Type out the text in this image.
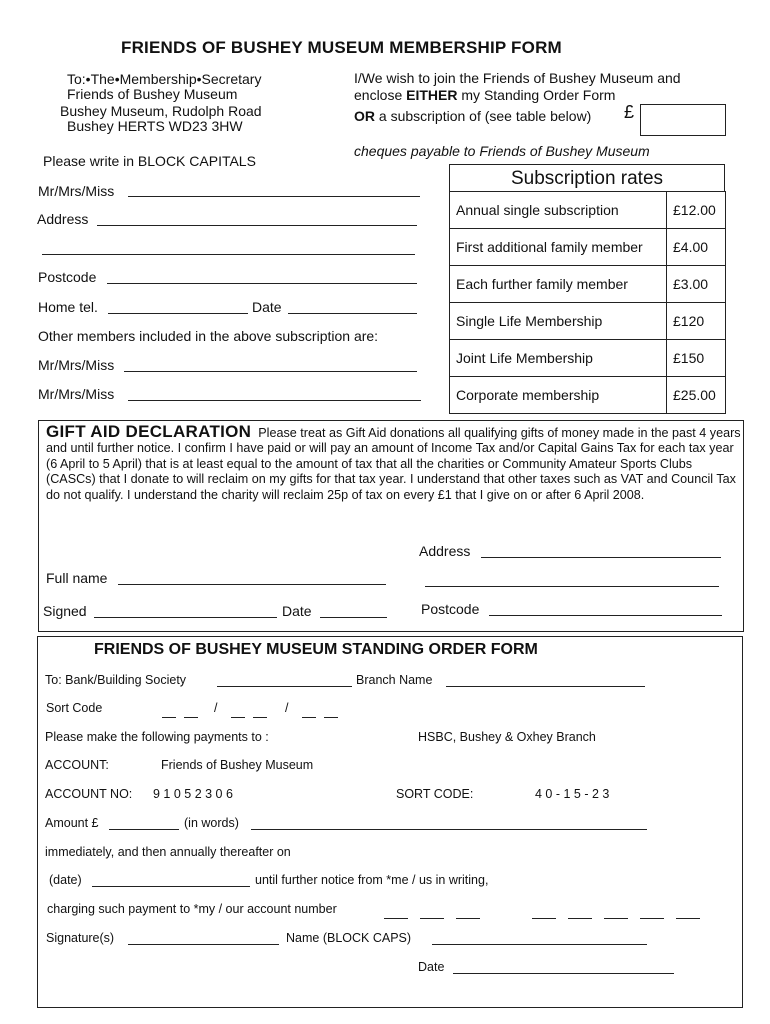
FRIENDS OF BUSHEY MUSEUM MEMBERSHIP FORM
To:•The•Membership•Secretary
Friends of Bushey Museum
Bushey Museum, Rudolph Road
Bushey HERTS WD23 3HW
I/We wish to join the Friends of Bushey Museum and
enclose EITHER my Standing Order Form
OR a subscription of (see table below) £
cheques payable to Friends of Bushey Museum
Please write in BLOCK CAPITALS
Mr/Mrs/Miss
Address
Postcode
Home tel.	Date
Other members included in the above subscription are:
Mr/Mrs/Miss
Mr/Mrs/Miss
Subscription rates
Annual single subscription	£12.00
First additional family member	£4.00
Each further family member	£3.00
Single Life Membership	£120
Joint Life Membership	£150
Corporate membership	£25.00
GIFT AID DECLARATION Please treat as Gift Aid donations all qualifying gifts of money made in the past 4 years and until further notice. I confirm I have paid or will pay an amount of Income Tax and/or Capital Gains Tax for each tax year (6 April to 5 April) that is at least equal to the amount of tax that all the charities or Community Amateur Sports Clubs (CASCs) that I donate to will reclaim on my gifts for that tax year. I understand that other taxes such as VAT and Council Tax do not qualify. I understand the charity will reclaim 25p of tax on every £1 that I give on or after 6 April 2008.
Address
Full name
Signed	Date	Postcode
FRIENDS OF BUSHEY MUSEUM STANDING ORDER FORM
To: Bank/Building Society	Branch Name
Sort Code	/	/
Please make the following payments to :	HSBC, Bushey & Oxhey Branch
ACCOUNT:	Friends of Bushey Museum
ACCOUNT NO: 9 1 0 5 2 3 0 6	SORT CODE:	4 0 - 1 5 - 2 3
Amount £	(in words)
immediately, and then annually thereafter on
(date)	until further notice from *me / us in writing,
charging such payment to *my / our account number
Signature(s)	Name (BLOCK CAPS)
Date
